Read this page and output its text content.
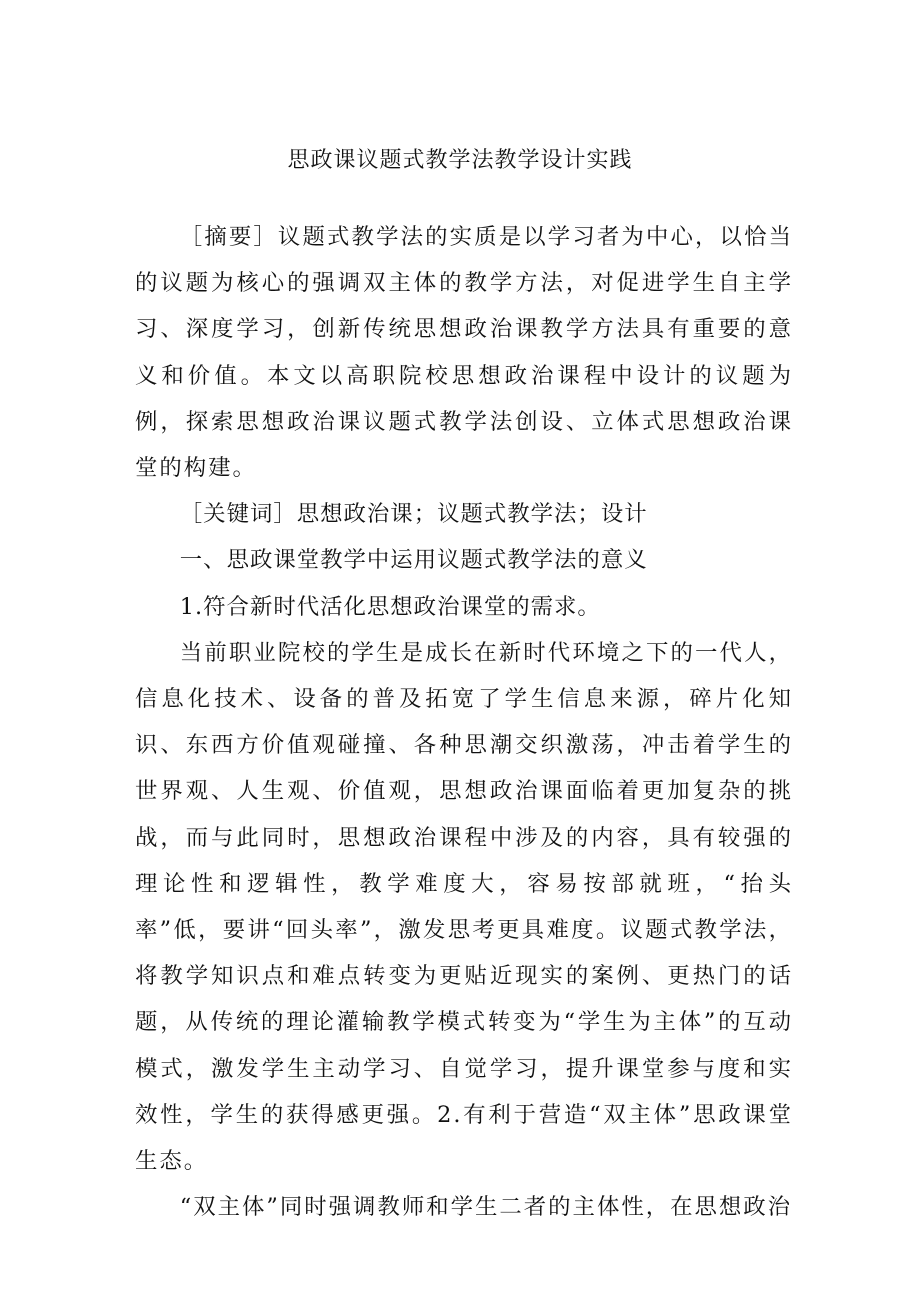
思政课议题式教学法教学设计实践

［摘要］议题式教学法的实质是以学习者为中心，以恰当的议题为核心的强调双主体的教学方法，对促进学生自主学习、深度学习，创新传统思想政治课教学方法具有重要的意义和价值。本文以高职院校思想政治课程中设计的议题为例，探索思想政治课议题式教学法创设、立体式思想政治课堂的构建。

［关键词］思想政治课；议题式教学法；设计

一、思政课堂教学中运用议题式教学法的意义

1.符合新时代活化思想政治课堂的需求。

当前职业院校的学生是成长在新时代环境之下的一代人，信息化技术、设备的普及拓宽了学生信息来源，碎片化知识、东西方价值观碰撞、各种思潮交织激荡，冲击着学生的世界观、人生观、价值观，思想政治课面临着更加复杂的挑战，而与此同时，思想政治课程中涉及的内容，具有较强的理论性和逻辑性，教学难度大，容易按部就班，“抬头率”低，要讲“回头率”，激发思考更具难度。议题式教学法，将教学知识点和难点转变为更贴近现实的案例、更热门的话题，从传统的理论灌输教学模式转变为“学生为主体”的互动模式，激发学生主动学习、自觉学习，提升课堂参与度和实效性，学生的获得感更强。2.有利于营造“双主体”思政课堂生态。

“双主体”同时强调教师和学生二者的主体性，在思想政治
